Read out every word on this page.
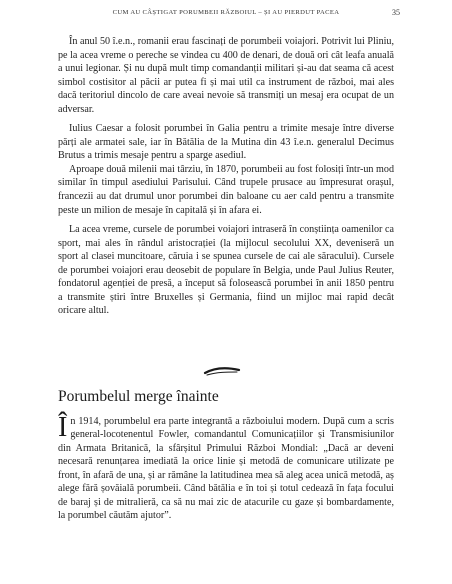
CUM AU CÂȘTIGAT PORUMBEII RĂZBOIUL – ȘI AU PIERDUT PACEA	35

În anul 50 î.e.n., romanii erau fascinați de porumbeii voiajori. Potrivit lui Pliniu, pe la acea vreme o pereche se vindea cu 400 de denari, de două ori cât leafa anuală a unui legionar. Și nu după mult timp comandanții militari și-au dat seama că acest simbol costisitor al păcii ar putea fi și mai util ca instrument de război, mai ales dacă teritoriul dincolo de care aveai nevoie să transmiți un mesaj era ocupat de un adversar.

Iulius Caesar a folosit porumbei în Galia pentru a trimite mesaje între diverse părți ale armatei sale, iar în Bătălia de la Mutina din 43 î.e.n. generalul Decimus Brutus a trimis mesaje pentru a sparge asediul.

Aproape două milenii mai târziu, în 1870, porumbeii au fost folosiți într-un mod similar în timpul asediului Parisului. Când trupele prusace au împresurat orașul, francezii au dat drumul unor porumbei din baloane cu aer cald pentru a transmite peste un milion de mesaje în capitală și în afara ei.

La acea vreme, cursele de porumbei voiajori intraseră în conștiința oamenilor ca sport, mai ales în rândul aristocrației (la mijlocul secolului XX, deveniseră un sport al clasei muncitoare, căruia i se spunea cursele de cai ale săracului). Cursele de porumbei voiajori erau deosebit de populare în Belgia, unde Paul Julius Reuter, fondatorul agenției de presă, a început să folosească porumbei în anii 1850 pentru a transmite știri între Bruxelles și Germania, fiind un mijloc mai rapid decât oricare altul.

Porumbelul merge înainte

În 1914, porumbelul era parte integrantă a războiului modern. După cum a scris general-locotenentul Fowler, comandantul Comunicațiilor și Transmisiunilor din Armata Britanică, la sfârșitul Primului Război Mondial: „Dacă ar deveni necesară renunțarea imediată la orice linie și metodă de comunicare utilizate pe front, în afară de una, și ar rămâne la latitudinea mea să aleg acea unică metodă, aș alege fără șovăială porumbeii. Când bătălia e în toi și totul cedează în fața focului de baraj și de mitralieră, ca să nu mai zic de atacurile cu gaze și bombardamente, la porumbel căutăm ajutor”.
